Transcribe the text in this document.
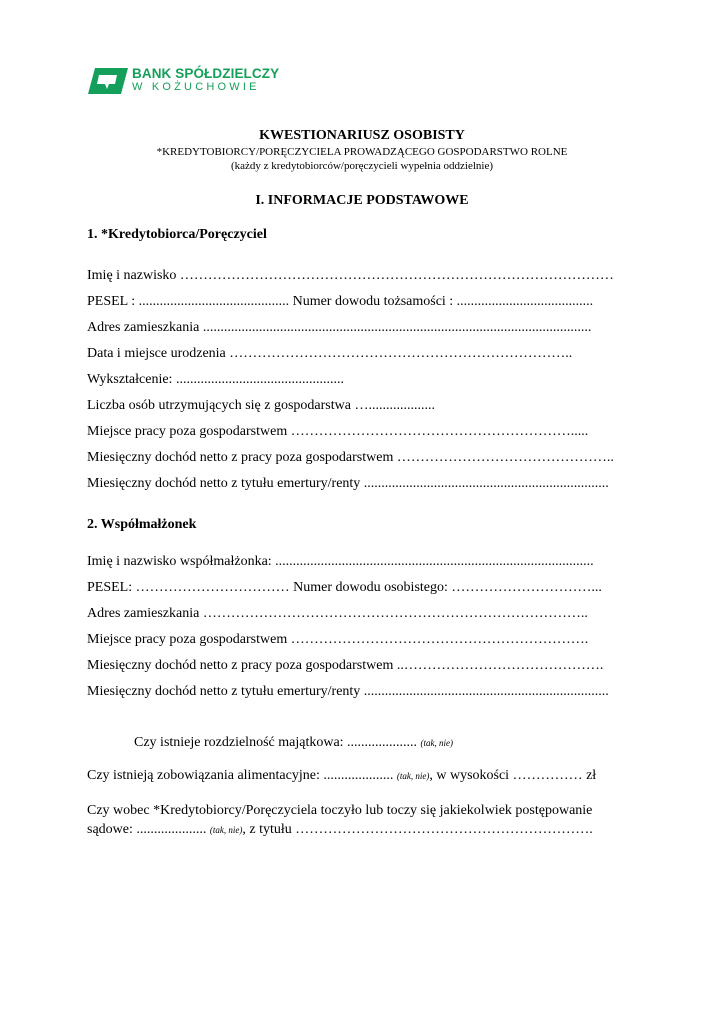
BANK SPÓŁDZIELCZY
W KOŻUCHOWIE
KWESTIONARIUSZ OSOBISTY
*KREDYTOBIORCY/PORĘCZYCIELA PROWADZĄCEGO GOSPODARSTWO ROLNE
(każdy z kredytobiorców/poręczycieli wypełnia oddzielnie)
I. INFORMACJE PODSTAWOWE
1. *Kredytobiorca/Poręczyciel
Imię i nazwisko …………………………………………………………………………………
PESEL : ........................................... Numer dowodu tożsamości : .......................................
Adres zamieszkania ...............................................................................................................
Data i miejsce urodzenia ………………………………………………………………..
Wykształcenie: ................................................
Liczba osób utrzymujących się z gospodarstwa …...................
Miejsce pracy poza gospodarstwem …………………………………………………….....
Miesięczny dochód netto z pracy poza gospodarstwem ………………………………………..
Miesięczny dochód netto z tytułu emertury/renty ......................................................................
2. Współmałżonek
Imię i nazwisko współmałżonka: ...........................................................................................
PESEL: …………………………… Numer dowodu osobistego: …………………………...
Adres zamieszkania ………………………………………………………………………..
Miejsce pracy poza gospodarstwem ……………………………………………………….
Miesięczny dochód netto z pracy poza gospodarstwem ..…………………………………….
Miesięczny dochód netto z tytułu emertury/renty ......................................................................
Czy istnieje rozdzielność majątkowa: .................... (tak, nie)
Czy istnieją zobowiązania alimentacyjne: .................... (tak, nie), w wysokości …………… zł
Czy wobec *Kredytobiorcy/Poręczyciela toczyło lub toczy się jakiekolwiek postępowanie
sądowe: .................... (tak, nie), z tytułu ……………………………………………………….
